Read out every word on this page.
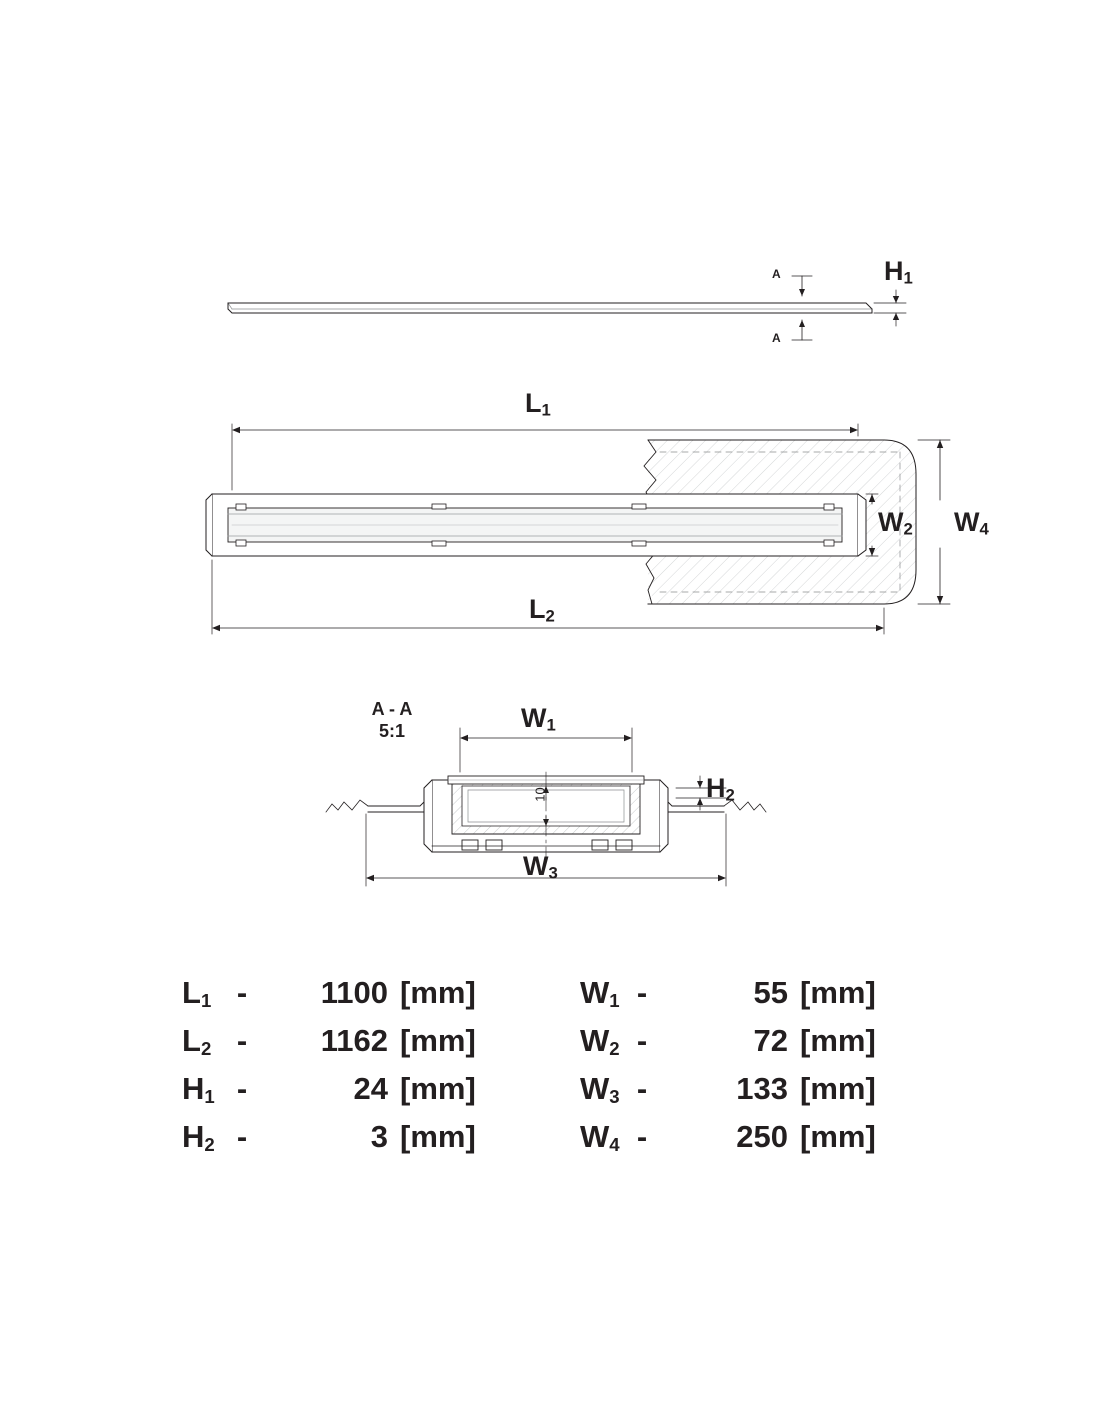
$H_1$
$L_1$
$L_2$
$W_2$ $W_4$
$W_1$
$W_3$
$H_2$
A - A
5:1
A
A
10
$L_1$ -	1100 [mm]
$L_2$ -	1162 [mm]
$H_1$ -	24 [mm]
$H_2$ -	3 [mm]
$W_1$ -	55 [mm]
$W_2$ -	72 [mm]
$W_3$ -	133 [mm]
$W_4$ -	250 [mm]
